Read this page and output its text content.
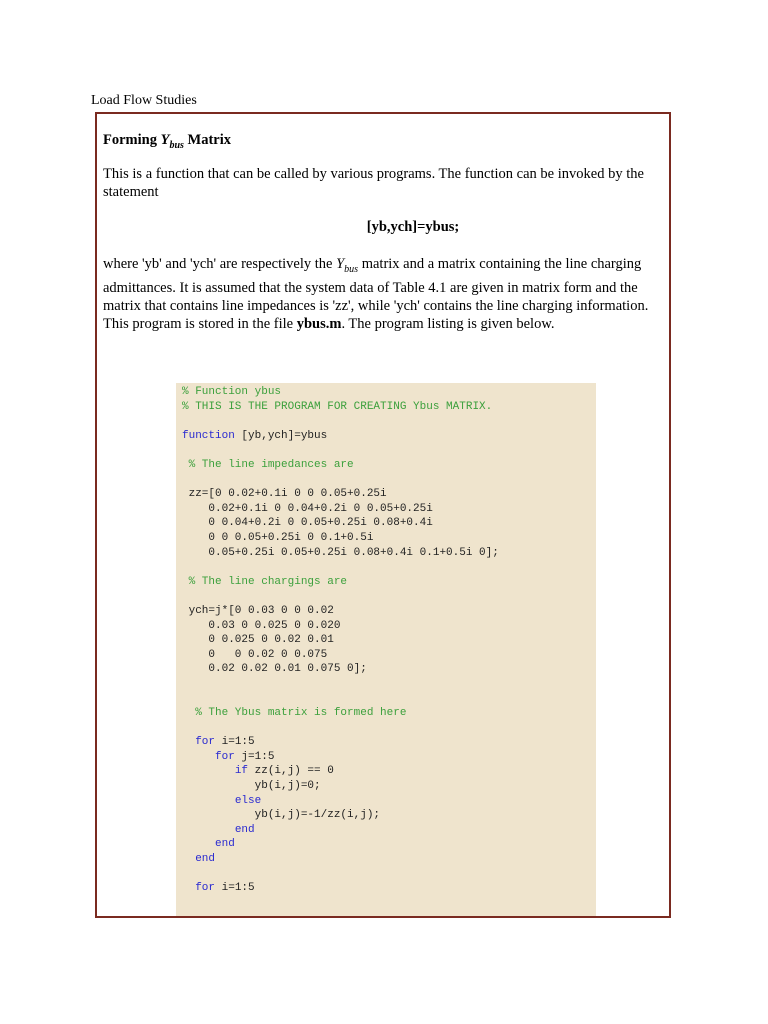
Load Flow Studies
Forming $Y_{bus}$ Matrix

This is a function that can be called by various programs. The function can be invoked by the statement

[yb,ych]=ybus;

where 'yb' and 'ych' are respectively the $Y_{bus}$ matrix and a matrix containing the line charging admittances. It is assumed that the system data of Table 4.1 are given in matrix form and the matrix that contains line impedances is 'zz', while 'ych' contains the line charging information. This program is stored in the file ybus.m. The program listing is given below.

% Function ybus
% THIS IS THE PROGRAM FOR CREATING Ybus MATRIX.

function [yb,ych]=ybus

% The line impedances are

zz=[0 0.02+0.1i 0 0 0.05+0.25i
0.02+0.1i 0 0.04+0.2i 0 0.05+0.25i
0 0.04+0.2i 0 0.05+0.25i 0.08+0.4i
0 0 0.05+0.25i 0 0.1+0.5i
0.05+0.25i 0.05+0.25i 0.08+0.4i 0.1+0.5i 0];

% The line chargings are

ych=j*[0 0.03 0 0 0.02
0.03 0 0.025 0 0.020
0 0.025 0 0.02 0.01
0   0 0.02 0 0.075
0.02 0.02 0.01 0.075 0];

% The Ybus matrix is formed here

for i=1:5
for j=1:5
if zz(i,j) == 0
yb(i,j)=0;
else
yb(i,j)=-1/zz(i,j);
end
end
end

for i=1:5
